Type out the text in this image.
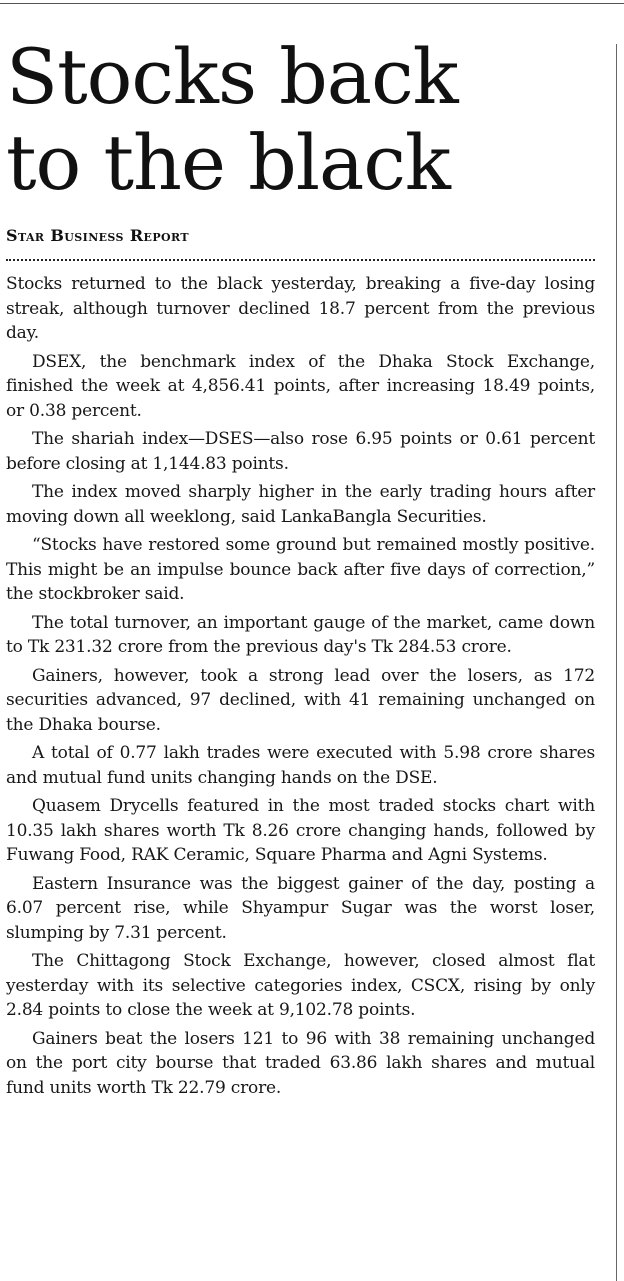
Stocks back
to the black
Star Business Report

Stocks returned to the black yesterday, breaking a five-day losing streak, although turnover declined 18.7 percent from the previous day.

DSEX, the benchmark index of the Dhaka Stock Exchange, finished the week at 4,856.41 points, after increasing 18.49 points, or 0.38 percent.

The shariah index—DSES—also rose 6.95 points or 0.61 percent before closing at 1,144.83 points.

The index moved sharply higher in the early trading hours after moving down all weeklong, said LankaBangla Securities.

“Stocks have restored some ground but remained mostly positive. This might be an impulse bounce back after five days of correction,” the stockbroker said.

The total turnover, an important gauge of the market, came down to Tk 231.32 crore from the previous day's Tk 284.53 crore.

Gainers, however, took a strong lead over the losers, as 172 securities advanced, 97 declined, with 41 remaining unchanged on the Dhaka bourse.

A total of 0.77 lakh trades were executed with 5.98 crore shares and mutual fund units changing hands on the DSE.

Quasem Drycells featured in the most traded stocks chart with 10.35 lakh shares worth Tk 8.26 crore changing hands, followed by Fuwang Food, RAK Ceramic, Square Pharma and Agni Systems.

Eastern Insurance was the biggest gainer of the day, posting a 6.07 percent rise, while Shyampur Sugar was the worst loser, slumping by 7.31 percent.

The Chittagong Stock Exchange, however, closed almost flat yesterday with its selective categories index, CSCX, rising by only 2.84 points to close the week at 9,102.78 points.

Gainers beat the losers 121 to 96 with 38 remaining unchanged on the port city bourse that traded 63.86 lakh shares and mutual fund units worth Tk 22.79 crore.
